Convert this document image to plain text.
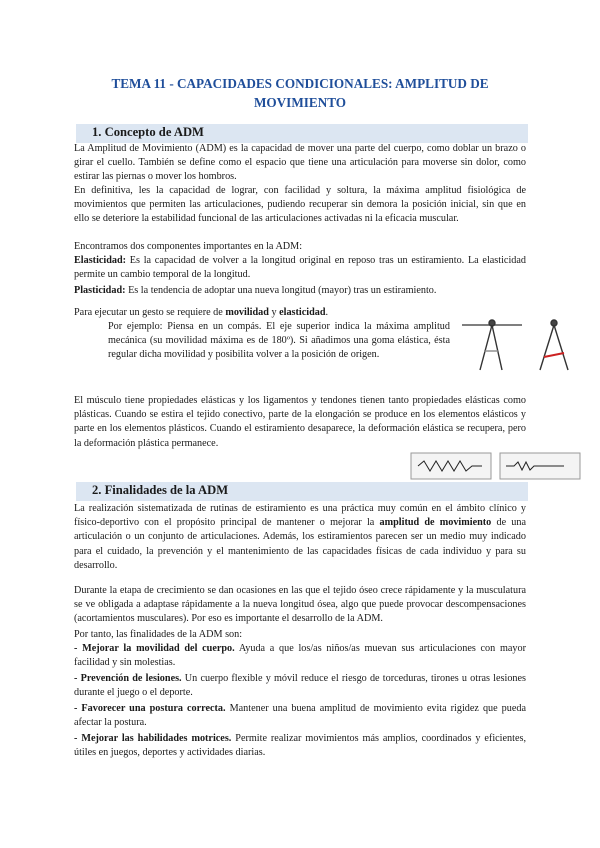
TEMA 11 - CAPACIDADES CONDICIONALES: AMPLITUD DE
MOVIMIENTO
1. Concepto de ADM

La Amplitud de Movimiento (ADM) es la capacidad de mover una parte del cuerpo, como doblar un brazo o girar el cuello. También se define como el espacio que tiene una articulación para moverse sin dolor, como estirar las piernas o mover los hombros.

En definitiva, les la capacidad de lograr, con facilidad y soltura, la máxima amplitud fisiológica de movimientos que permiten las articulaciones, pudiendo recuperar sin demora la posición inicial, sin que en ello se deteriore la estabilidad funcional de las articulaciones activadas ni la eficacia muscular.

Encontramos dos componentes importantes en la ADM:

Elasticidad: Es la capacidad de volver a la longitud original en reposo tras un estiramiento. La elasticidad permite un cambio temporal de la longitud.

Plasticidad: Es la tendencia de adoptar una nueva longitud (mayor) tras un estiramiento.

Para ejecutar un gesto se requiere de movilidad y elasticidad.

Por ejemplo: Piensa en un compás. El eje superior indica la máxima amplitud mecánica (su movilidad máxima es de 180º). Si añadimos una goma elástica, ésta regular dicha movilidad y posibilita volver a la posición de origen.

El músculo tiene propiedades elásticas y los ligamentos y tendones tienen tanto propiedades elásticas como plásticas. Cuando se estira el tejido conectivo, parte de la elongación se produce en los elementos elásticos y parte en los elementos plásticos. Cuando el estiramiento desaparece, la deformación elástica se recupera, pero la deformación plástica permanece.

2. Finalidades de la ADM

La realización sistematizada de rutinas de estiramiento es una práctica muy común en el ámbito clínico y físico-deportivo con el propósito principal de mantener o mejorar la amplitud de movimiento de una articulación o un conjunto de articulaciones. Además, los estiramientos parecen ser un medio muy indicado para el cuidado, la prevención y el mantenimiento de las capacidades físicas de cada individuo y para su desarrollo.

Durante la etapa de crecimiento se dan ocasiones en las que el tejido óseo crece rápidamente y la musculatura se ve obligada a adaptase rápidamente a la nueva longitud ósea, algo que puede provocar descompensaciones (acortamientos musculares). Por eso es importante el desarrollo de la ADM.

Por tanto, las finalidades de la ADM son:

- Mejorar la movilidad del cuerpo. Ayuda a que los/as niños/as muevan sus articulaciones con mayor facilidad y sin molestias.

- Prevención de lesiones. Un cuerpo flexible y móvil reduce el riesgo de torceduras, tirones u otras lesiones durante el juego o el deporte.

- Favorecer una postura correcta. Mantener una buena amplitud de movimiento evita rigidez que pueda afectar la postura.

- Mejorar las habilidades motrices. Permite realizar movimientos más amplios, coordinados y eficientes, útiles en juegos, deportes y actividades diarias.
